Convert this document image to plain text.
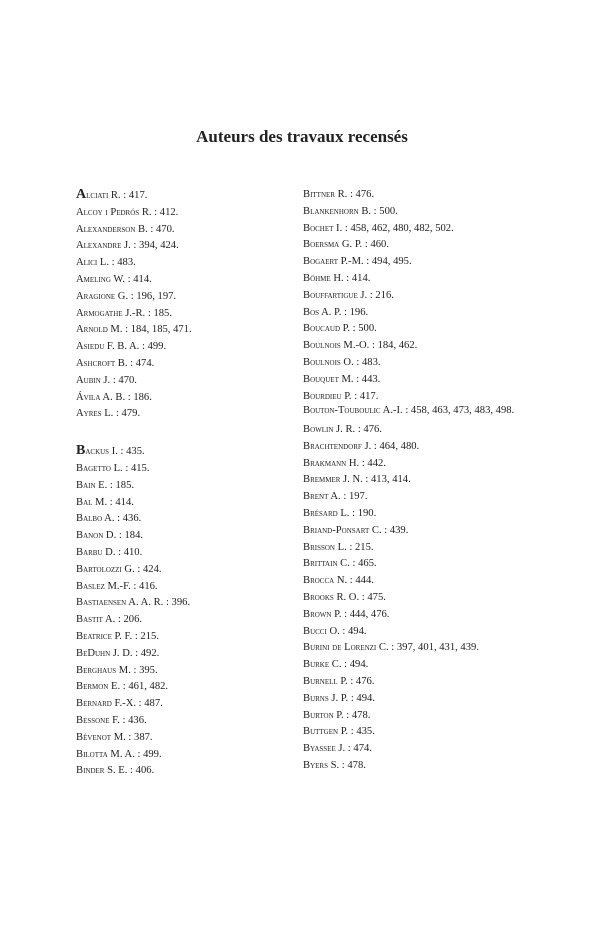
Auteurs des travaux recensés
Alciati R. : 417.
Alcoy i Pedrós R. : 412.
Alexanderson B. : 470.
Alexandre J. : 394, 424.
Alici L. : 483.
Ameling W. : 414.
Aragione G. : 196, 197.
Armogathe J.-R. : 185.
Arnold M. : 184, 185, 471.
Asiedu F. B. A. : 499.
Ashcroft B. : 474.
Aubin J. : 470.
Ávila A. B. : 186.
Ayres L. : 479.
Backus I. : 435.
Bagetto L. : 415.
Bain E. : 185.
Bal M. : 414.
Balbo A. : 436.
Banon D. : 184.
Barbu D. : 410.
Bartolozzi G. : 424.
Baslez M.-F. : 416.
Bastiaensen A. A. R. : 396.
Bastit A. : 206.
Beatrice P. F. : 215.
BeDuhn J. D. : 492.
Berghaus M. : 395.
Bermon E. : 461, 482.
Bernard F.-X. : 487.
Bessone F. : 436.
Bévenot M. : 387.
Bilotta M. A. : 499.
Binder S. E. : 406.
Bittner R. : 476.
Blankenhorn B. : 500.
Bochet I. : 458, 462, 480, 482, 502.
Boersma G. P. : 460.
Bogaert P.-M. : 494, 495.
Böhme H. : 414.
Bouffartigue J. : 216.
Bos A. P. : 196.
Boucaud P. : 500.
Boulnois M.-O. : 184, 462.
Boulnois O. : 483.
Bouquet M. : 443.
Bourdieu P. : 417.
Bouton-Touboulic A.-I. : 458, 463, 473, 483, 498.
Bowlin J. R. : 476.
Brachtendorf J. : 464, 480.
Brakmann H. : 442.
Bremmer J. N. : 413, 414.
Brent A. : 197.
Brésard L. : 190.
Briand-Ponsart C. : 439.
Brisson L. : 215.
Brittain C. : 465.
Brocca N. : 444.
Brooks R. O. : 475.
Brown P. : 444, 476.
Bucci O. : 494.
Burini de Lorenzi C. : 397, 401, 431, 439.
Burke C. : 494.
Burnell P. : 476.
Burns J. P. : 494.
Burton P. : 478.
Buttgen P. : 435.
Byassee J. : 474.
Byers S. : 478.
